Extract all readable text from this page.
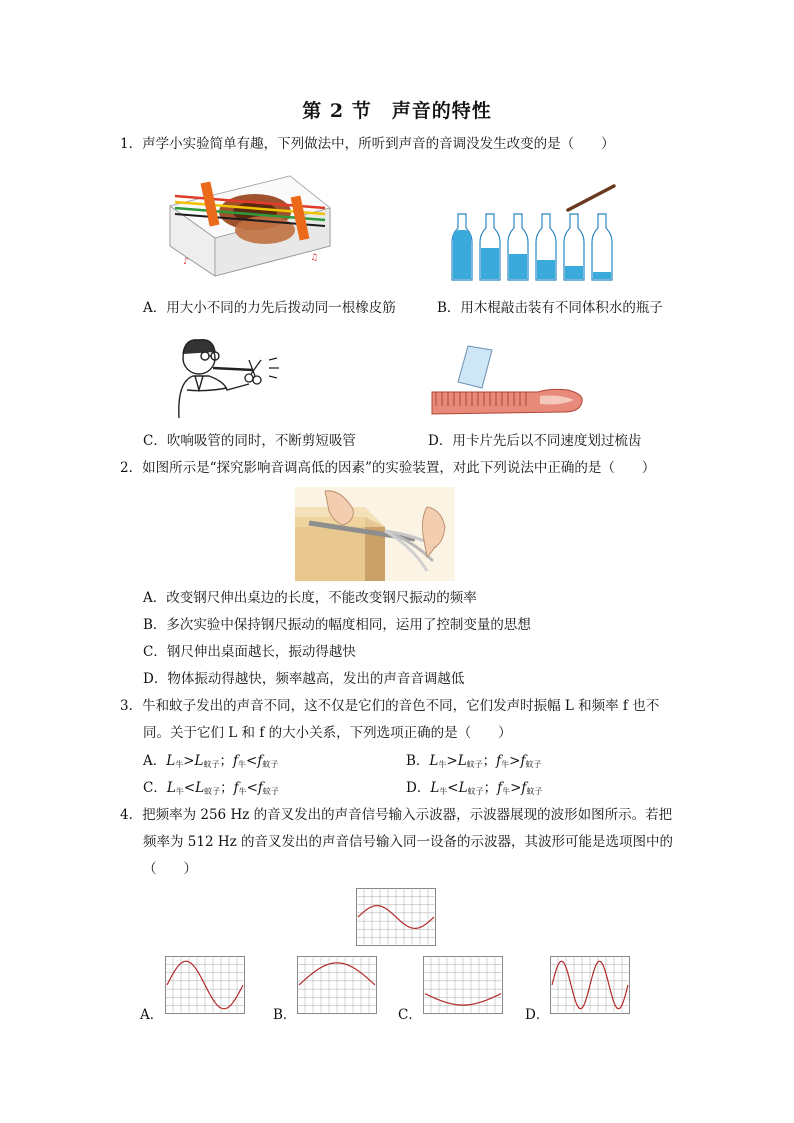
第 2 节　声音的特性
1．声学小实验简单有趣，下列做法中，所听到声音的音调没发生改变的是（　　）
♪	♫
A．用大小不同的力先后拨动同一根橡皮筋	B．用木棍敲击装有不同体积水的瓶子
C．吹响吸管的同时，不断剪短吸管	D．用卡片先后以不同速度划过梳齿
2．如图所示是“探究影响音调高低的因素”的实验装置，对此下列说法中正确的是（　　）
A．改变钢尺伸出桌边的长度，不能改变钢尺振动的频率
B．多次实验中保持钢尺振动的幅度相同，运用了控制变量的思想
C．钢尺伸出桌面越长，振动得越快
D．物体振动得越快，频率越高，发出的声音音调越低
3．牛和蚊子发出的声音不同，这不仅是它们的音色不同，它们发声时振幅 L 和频率 f 也不
同。关于它们 L 和 f 的大小关系，下列选项正确的是（　　）
A．$L_牛>L_{蚊子}$；$f_牛<f_{蚊子}$	B．$L_牛>L_{蚊子}$；$f_牛>f_{蚊子}$
C．$L_牛<L_{蚊子}$；$f_牛<f_{蚊子}$	D．$L_牛<L_{蚊子}$；$f_牛>f_{蚊子}$
4．把频率为 256 Hz 的音叉发出的声音信号输入示波器，示波器展现的波形如图所示。若把
频率为 512 Hz 的音叉发出的声音信号输入同一设备的示波器，其波形可能是选项图中的
（　　）
A．	B．	C．	D．
